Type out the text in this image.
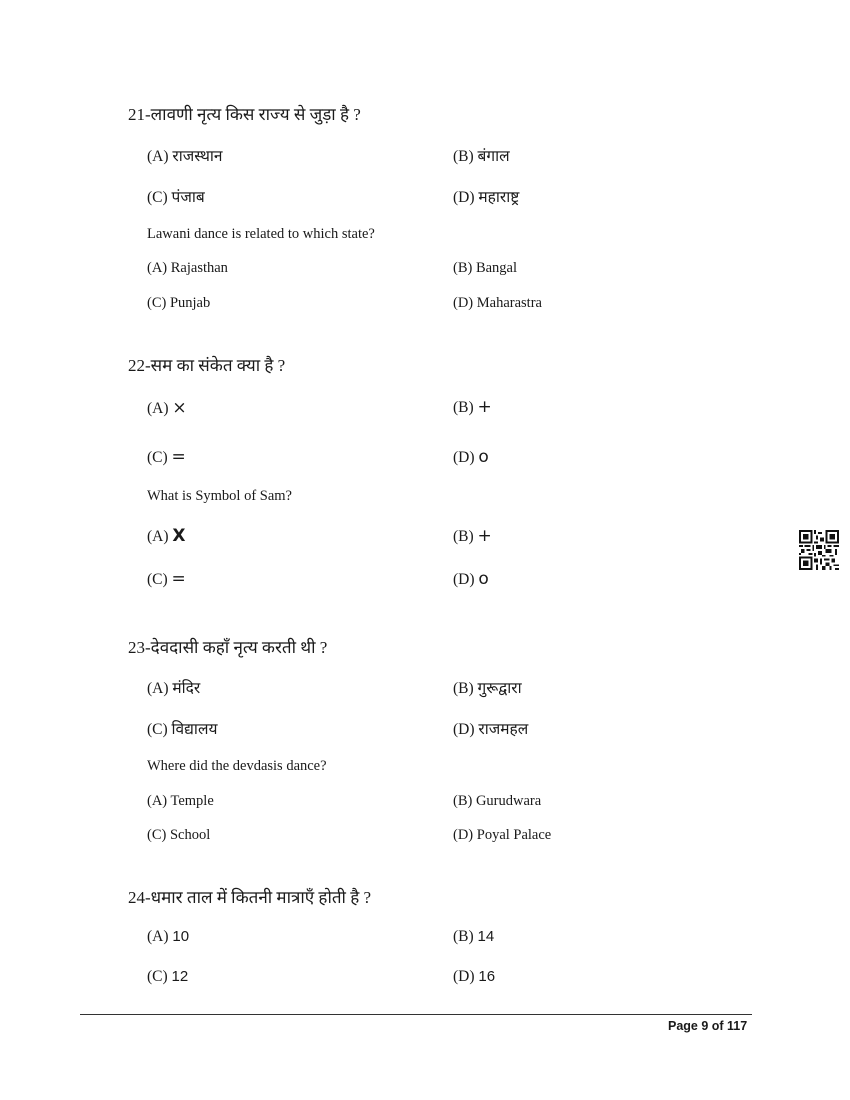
21-लावणी नृत्य किस राज्य से जुड़ा है ?
(A) राजस्थान	(B) बंगाल
(C) पंजाब	(D) महाराष्ट्र
Lawani dance is related to which state?
(A) Rajasthan	(B) Bangal
(C) Punjab	(D) Maharastra
22-सम का संकेत क्या है ?
(A) ×	(B) +
(C) =	(D) o
What is Symbol of Sam?
(A) X	(B) +
(C) =	(D) o
23-देवदासी कहाँ नृत्य करती थी ?
(A) मंदिर	(B) गुरूद्वारा
(C) विद्यालय	(D) राजमहल
Where did the devdasis dance?
(A) Temple	(B) Gurudwara
(C) School	(D) Poyal Palace
24-धमार ताल में कितनी मात्राएँ होती है ?
(A) 10	(B) 14
(C) 12	(D) 16
Page 9 of 117
